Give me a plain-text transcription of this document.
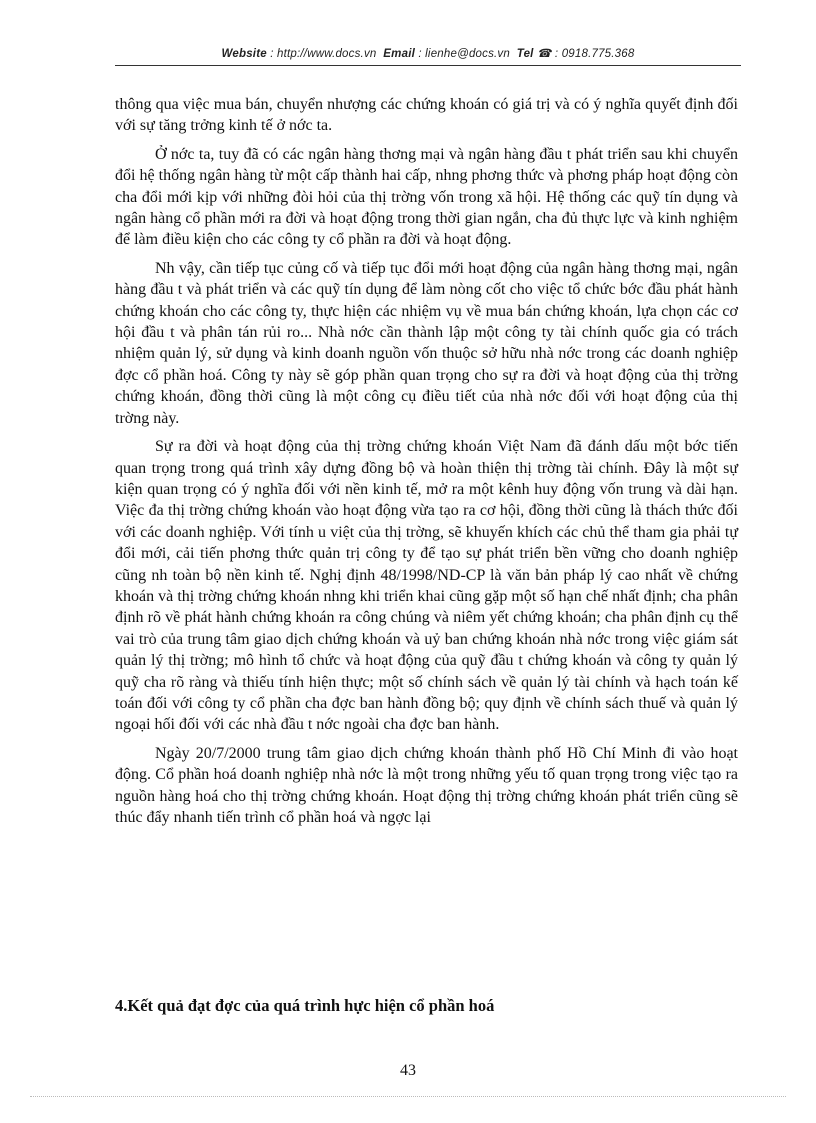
Website : http://www.docs.vn Email : lienhe@docs.vn Tel ☎ : 0918.775.368

thông qua việc mua bán, chuyển nhượng các chứng khoán có giá trị và có ý nghĩa quyết định đối với sự tăng trởng kinh tế ở nớc ta.

Ở nớc ta, tuy đã có các ngân hàng thơng mại và ngân hàng đầu t phát triển sau khi chuyển đổi hệ thống ngân hàng từ một cấp thành hai cấp, nhng phơng thức và phơng pháp hoạt động còn cha đổi mới kịp với những đòi hỏi của thị trờng vốn trong xã hội. Hệ thống các quỹ tín dụng và ngân hàng cổ phần mới ra đời và hoạt động trong thời gian ngắn, cha đủ thực lực và kinh nghiệm để làm điều kiện cho các công ty cổ phần ra đời và hoạt động.

Nh vậy, cần tiếp tục củng cố và tiếp tục đổi mới hoạt động của ngân hàng thơng mại, ngân hàng đầu t và phát triển và các quỹ tín dụng để làm nòng cốt cho việc tổ chức bớc đầu phát hành chứng khoán cho các công ty, thực hiện các nhiệm vụ về mua bán chứng khoán, lựa chọn các cơ hội đầu t và phân tán rủi ro... Nhà nớc cần thành lập một công ty tài chính quốc gia có trách nhiệm quản lý, sử dụng và kinh doanh nguồn vốn thuộc sở hữu nhà nớc trong các doanh nghiệp đợc cổ phần hoá. Công ty này sẽ góp phần quan trọng cho sự ra đời và hoạt động của thị trờng chứng khoán, đồng thời cũng là một công cụ điều tiết của nhà nớc đối với hoạt động của thị trờng này.

Sự ra đời và hoạt động của thị trờng chứng khoán Việt Nam đã đánh dấu một bớc tiến quan trọng trong quá trình xây dựng đồng bộ và hoàn thiện thị trờng tài chính. Đây là một sự kiện quan trọng có ý nghĩa đối với nền kinh tế, mở ra một kênh huy động vốn trung và dài hạn. Việc đa thị trờng chứng khoán vào hoạt động vừa tạo ra cơ hội, đồng thời cũng là thách thức đối với các doanh nghiệp. Với tính u việt của thị trờng, sẽ khuyến khích các chủ thể tham gia phải tự đổi mới, cải tiến phơng thức quản trị công ty để tạo sự phát triển bền vững cho doanh nghiệp cũng nh toàn bộ nền kinh tế. Nghị định 48/1998/ND-CP là văn bản pháp lý cao nhất về chứng khoán và thị trờng chứng khoán nhng khi triển khai cũng gặp một số hạn chế nhất định; cha phân định rõ về phát hành chứng khoán ra công chúng và niêm yết chứng khoán; cha phân định cụ thể vai trò của trung tâm giao dịch chứng khoán và uỷ ban chứng khoán nhà nớc trong việc giám sát quản lý thị trờng; mô hình tổ chức và hoạt động của quỹ đầu t chứng khoán và công ty quản lý quỹ cha rõ ràng và thiếu tính hiện thực; một số chính sách về quản lý tài chính và hạch toán kế toán đối với công ty cổ phần cha đợc ban hành đồng bộ; quy định về chính sách thuế và quản lý ngoại hối đối với các nhà đầu t nớc ngoài cha đợc ban hành.

Ngày 20/7/2000 trung tâm giao dịch chứng khoán thành phố Hồ Chí Minh đi vào hoạt động. Cổ phần hoá doanh nghiệp nhà nớc là một trong những yếu tố quan trọng trong việc tạo ra nguồn hàng hoá cho thị trờng chứng khoán. Hoạt động thị trờng chứng khoán phát triển cũng sẽ thúc đẩy nhanh tiến trình cổ phần hoá và ngợc lại

4.Kết quả đạt đợc của quá trình hực hiện cổ phần hoá
43
